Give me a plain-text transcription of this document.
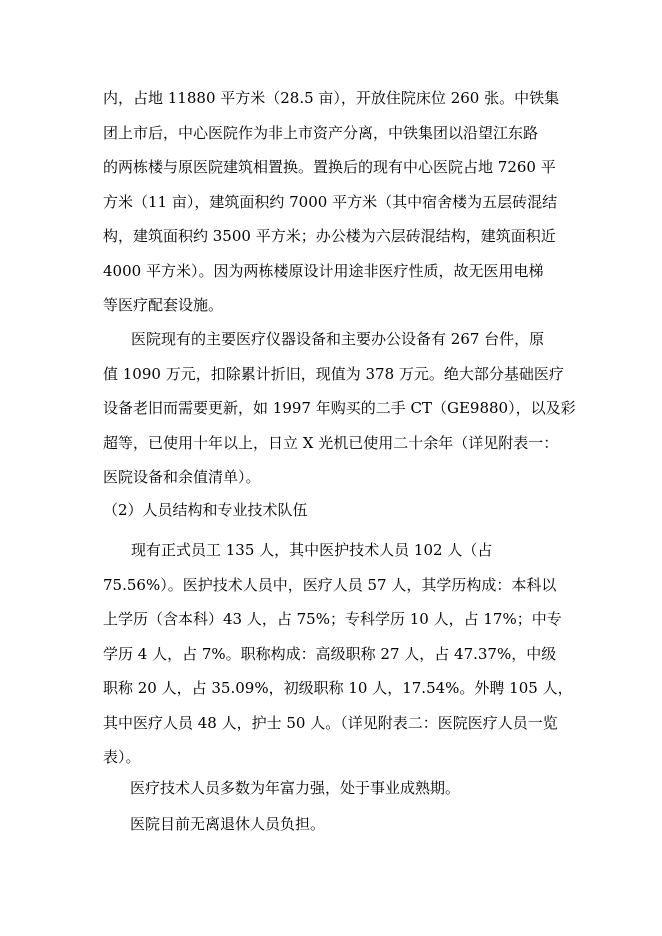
内，占地 11880 平方米（28.5 亩），开放住院床位 260 张。中铁集
团上市后，中心医院作为非上市资产分离，中铁集团以沿望江东路
的两栋楼与原医院建筑相置换。置换后的现有中心医院占地 7260 平
方米（11 亩），建筑面积约 7000 平方米（其中宿舍楼为五层砖混结
构，建筑面积约 3500 平方米；办公楼为六层砖混结构，建筑面积近
4000 平方米）。因为两栋楼原设计用途非医疗性质，故无医用电梯
等医疗配套设施。

医院现有的主要医疗仪器设备和主要办公设备有 267 台件，原
值 1090 万元，扣除累计折旧，现值为 378 万元。绝大部分基础医疗
设备老旧而需要更新，如 1997 年购买的二手 CT（GE9880），以及彩
超等，已使用十年以上，日立 X 光机已使用二十余年（详见附表一：
医院设备和余值清单）。

（2）人员结构和专业技术队伍

现有正式员工 135 人，其中医护技术人员 102 人（占
75.56%）。医护技术人员中，医疗人员 57 人，其学历构成：本科以
上学历（含本科）43 人，占 75%；专科学历 10 人，占 17%；中专
学历 4 人，占 7%。职称构成：高级职称 27 人，占 47.37%，中级
职称 20 人，占 35.09%，初级职称 10 人，17.54%。外聘 105 人，
其中医疗人员 48 人，护士 50 人。（详见附表二：医院医疗人员一览
表）。

医疗技术人员多数为年富力强，处于事业成熟期。

医院目前无离退休人员负担。
